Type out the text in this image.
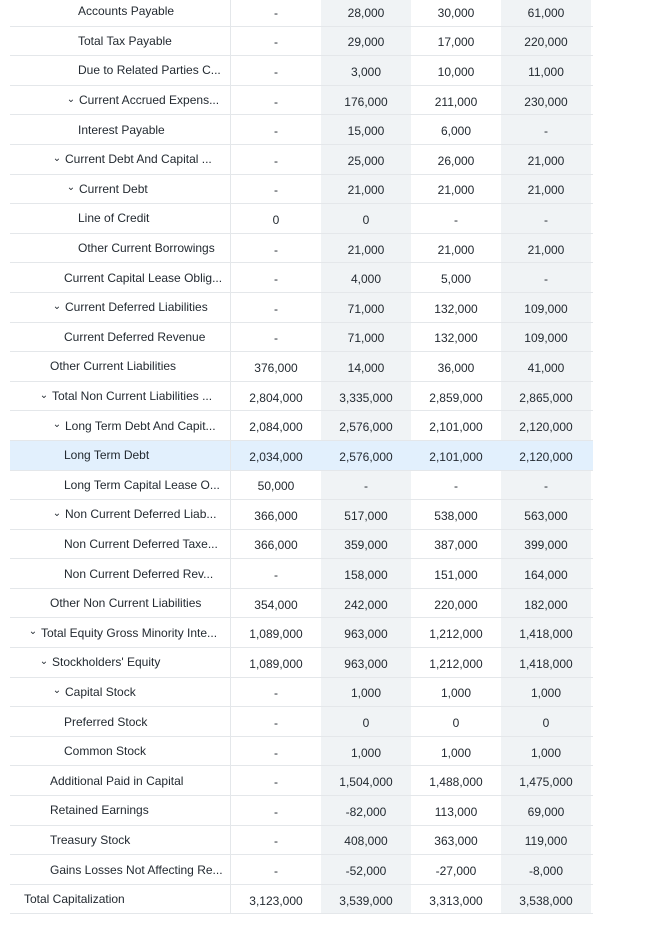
Accounts Payable	-	28,000	30,000	61,000
Total Tax Payable	-	29,000	17,000	220,000
Due to Related Parties C...	-	3,000	10,000	11,000
⌄ Current Accrued Expens...	-	176,000	211,000	230,000
Interest Payable	-	15,000	6,000	-
⌄ Current Debt And Capital ...	-	25,000	26,000	21,000
⌄ Current Debt	-	21,000	21,000	21,000
Line of Credit	0	0	-	-
Other Current Borrowings	-	21,000	21,000	21,000
Current Capital Lease Oblig...	-	4,000	5,000	-
⌄ Current Deferred Liabilities	-	71,000	132,000	109,000
Current Deferred Revenue	-	71,000	132,000	109,000
Other Current Liabilities	376,000	14,000	36,000	41,000
⌄ Total Non Current Liabilities ...	2,804,000	3,335,000	2,859,000	2,865,000
⌄ Long Term Debt And Capit...	2,084,000	2,576,000	2,101,000	2,120,000
Long Term Debt	2,034,000	2,576,000	2,101,000	2,120,000
Long Term Capital Lease O...	50,000	-	-	-
⌄ Non Current Deferred Liab...	366,000	517,000	538,000	563,000
Non Current Deferred Taxe...	366,000	359,000	387,000	399,000
Non Current Deferred Rev...	-	158,000	151,000	164,000
Other Non Current Liabilities	354,000	242,000	220,000	182,000
⌄ Total Equity Gross Minority Inte...	1,089,000	963,000	1,212,000	1,418,000
⌄ Stockholders' Equity	1,089,000	963,000	1,212,000	1,418,000
⌄ Capital Stock	-	1,000	1,000	1,000
Preferred Stock	-	0	0	0
Common Stock	-	1,000	1,000	1,000
Additional Paid in Capital	-	1,504,000	1,488,000	1,475,000
Retained Earnings	-	-82,000	113,000	69,000
Treasury Stock	-	408,000	363,000	119,000
Gains Losses Not Affecting Re...	-	-52,000	-27,000	-8,000
Total Capitalization	3,123,000	3,539,000	3,313,000	3,538,000
